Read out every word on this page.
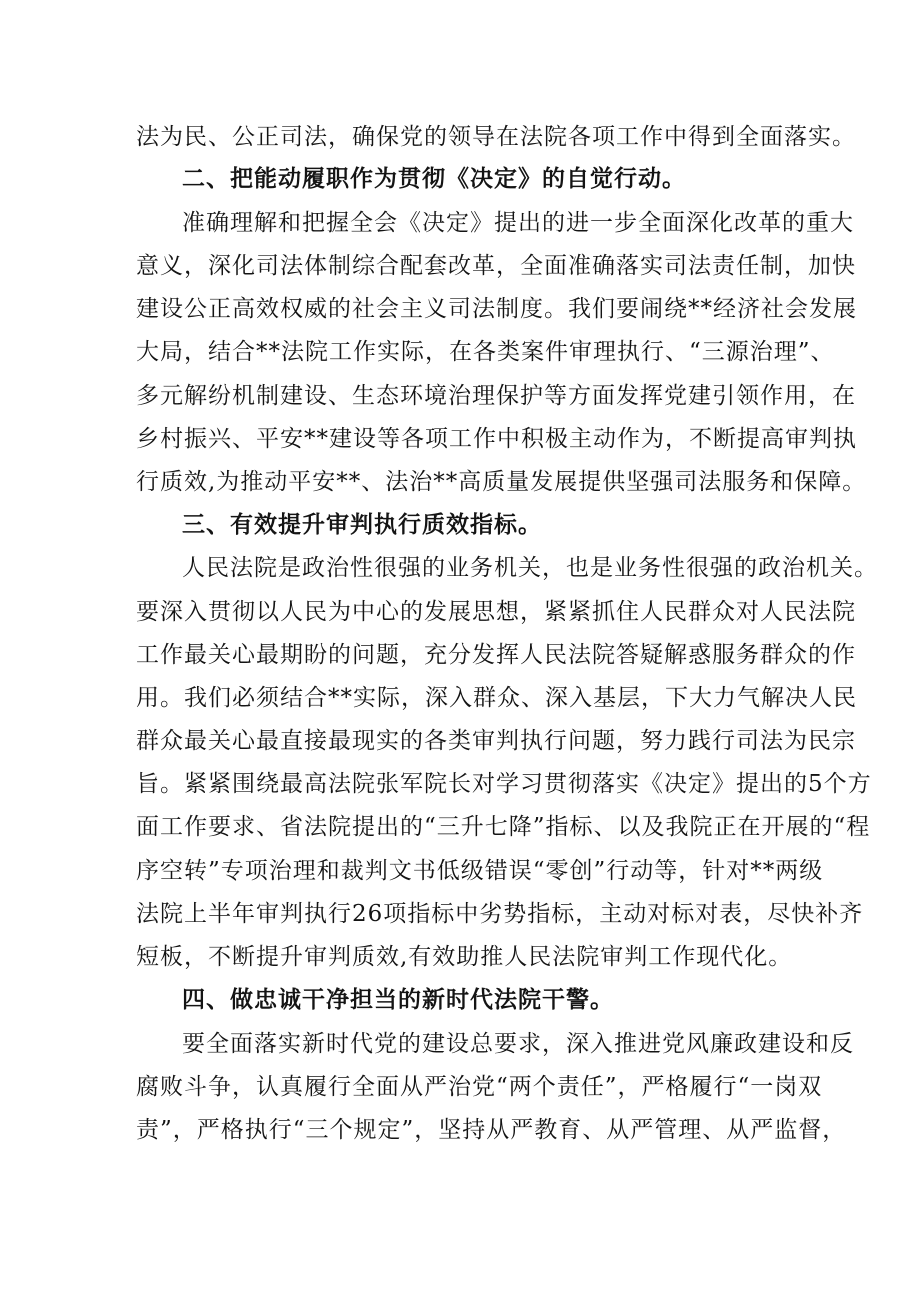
法为民、公正司法，确保党的领导在法院各项工作中得到全面落实。
二、把能动履职作为贯彻《决定》的自觉行动。
准确理解和把握全会《决定》提出的进一步全面深化改革的重大
意义，深化司法体制综合配套改革，全面准确落实司法责任制，加快
建设公正高效权威的社会主义司法制度。我们要闹绕**经济社会发展
大局，结合**法院工作实际，在各类案件审理执行、“三源治理”、
多元解纷机制建设、生态环境治理保护等方面发挥党建引领作用，在
乡村振兴、平安**建设等各项工作中积极主动作为，不断提高审判执
行质效,为推动平安**、法治**高质量发展提供坚强司法服务和保障。
三、有效提升审判执行质效指标。
人民法院是政治性很强的业务机关，也是业务性很强的政治机关。
要深入贯彻以人民为中心的发展思想，紧紧抓住人民群众对人民法院
工作最关心最期盼的问题，充分发挥人民法院答疑解惑服务群众的作
用。我们必须结合**实际，深入群众、深入基层，下大力气解决人民
群众最关心最直接最现实的各类审判执行问题，努力践行司法为民宗
旨。紧紧围绕最高法院张军院长对学习贯彻落实《决定》提出的5个方
面工作要求、省法院提出的“三升七降”指标、以及我院正在开展的“程
序空转”专项治理和裁判文书低级错误“零创”行动等，针对**两级
法院上半年审判执行26项指标中劣势指标，主动对标对表，尽快补齐
短板，不断提升审判质效,有效助推人民法院审判工作现代化。
四、做忠诚干净担当的新时代法院干警。
要全面落实新时代党的建设总要求，深入推进党风廉政建设和反
腐败斗争，认真履行全面从严治党“两个责任”，严格履行“一岗双
责”，严格执行“三个规定”，坚持从严教育、从严管理、从严监督，
